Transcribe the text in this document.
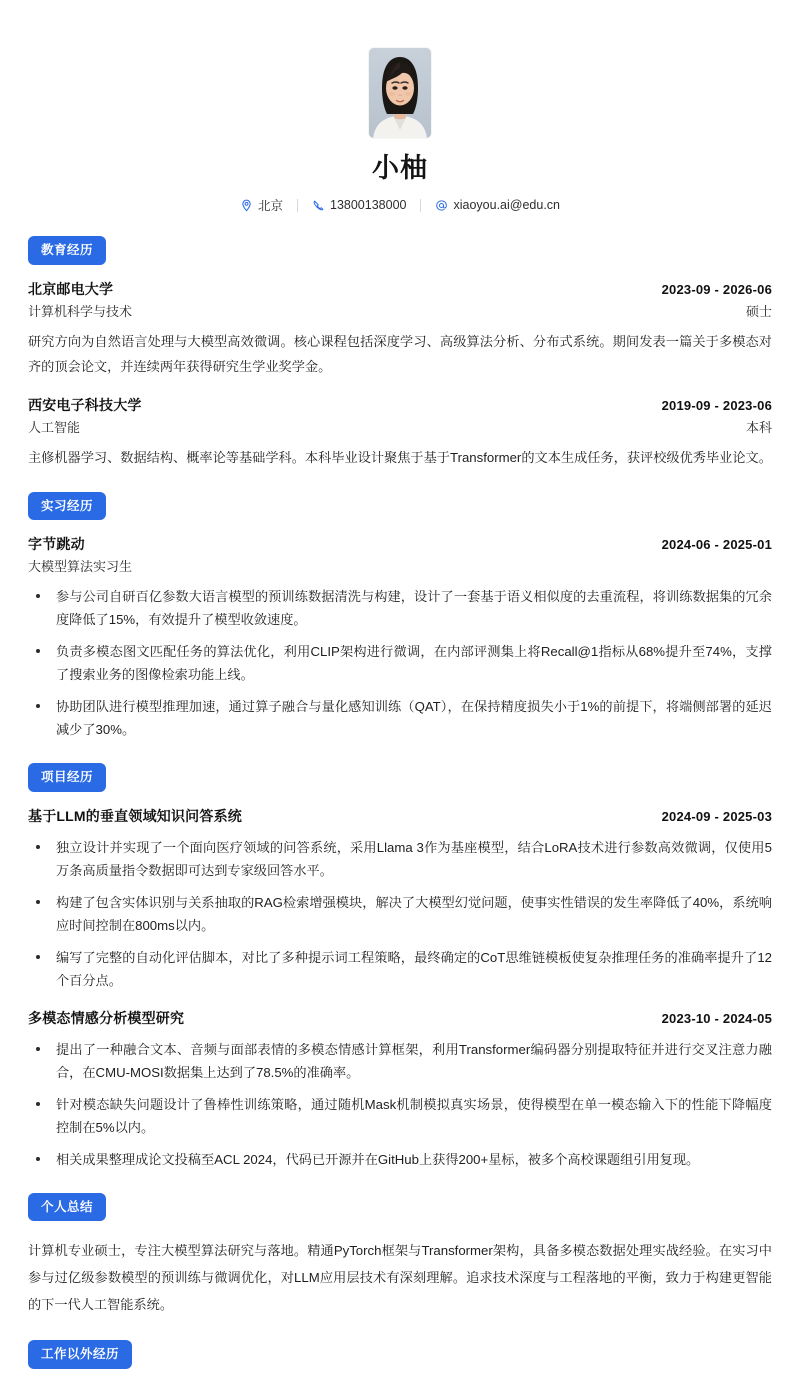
小柚
北京	13800138000	xiaoyou.ai@edu.cn
教育经历
北京邮电大学	2023-09 - 2026-06
计算机科学与技术	硕士

研究方向为自然语言处理与大模型高效微调。核心课程包括深度学习、高级算法分析、分布式系统。期间发表一篇关于多模态对齐的顶会论文，并连续两年获得研究生学业奖学金。

西安电子科技大学	2019-09 - 2023-06
人工智能	本科

主修机器学习、数据结构、概率论等基础学科。本科毕业设计聚焦于基于Transformer的文本生成任务，获评校级优秀毕业论文。

实习经历
字节跳动	2024-06 - 2025-01
大模型算法实习生
参与公司自研百亿参数大语言模型的预训练数据清洗与构建，设计了一套基于语义相似度的去重流程，将训练数据集的冗余度降低了15%，有效提升了模型收敛速度。
负责多模态图文匹配任务的算法优化，利用CLIP架构进行微调，在内部评测集上将Recall@1指标从68%提升至74%，支撑了搜索业务的图像检索功能上线。
协助团队进行模型推理加速，通过算子融合与量化感知训练（QAT），在保持精度损失小于1%的前提下，将端侧部署的延迟减少了30%。
项目经历
基于LLM的垂直领域知识问答系统	2024-09 - 2025-03
独立设计并实现了一个面向医疗领域的问答系统，采用Llama 3作为基座模型，结合LoRA技术进行参数高效微调，仅使用5万条高质量指令数据即可达到专家级回答水平。
构建了包含实体识别与关系抽取的RAG检索增强模块，解决了大模型幻觉问题，使事实性错误的发生率降低了40%，系统响应时间控制在800ms以内。
编写了完整的自动化评估脚本，对比了多种提示词工程策略，最终确定的CoT思维链模板使复杂推理任务的准确率提升了12个百分点。
多模态情感分析模型研究	2023-10 - 2024-05
提出了一种融合文本、音频与面部表情的多模态情感计算框架，利用Transformer编码器分别提取特征并进行交叉注意力融合，在CMU-MOSI数据集上达到了78.5%的准确率。
针对模态缺失问题设计了鲁棒性训练策略，通过随机Mask机制模拟真实场景，使得模型在单一模态输入下的性能下降幅度控制在5%以内。
相关成果整理成论文投稿至ACL 2024，代码已开源并在GitHub上获得200+星标，被多个高校课题组引用复现。
个人总结

计算机专业硕士，专注大模型算法研究与落地。精通PyTorch框架与Transformer架构，具备多模态数据处理实战经验。在实习中参与过亿级参数模型的预训练与微调优化，对LLM应用层技术有深刻理解。追求技术深度与工程落地的平衡，致力于构建更智能的下一代人工智能系统。

工作以外经历
